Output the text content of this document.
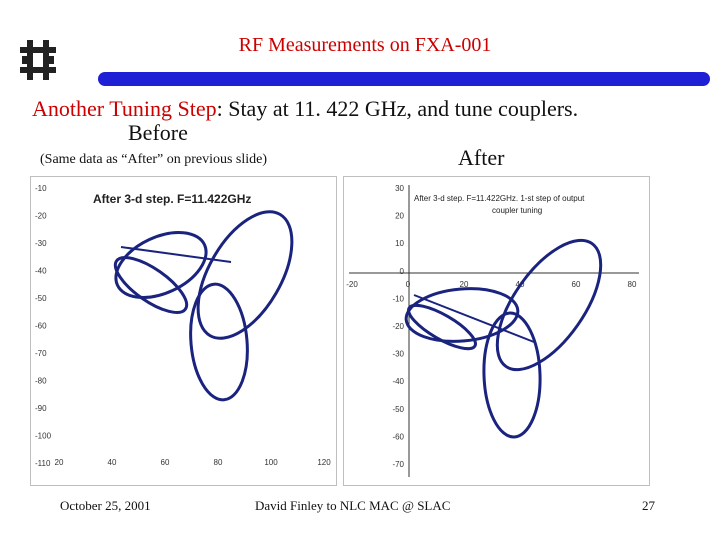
RF Measurements on FXA-001
Another Tuning Step: Stay at 11. 422 GHz, and tune couplers.
Before
(Same data as “After” on previous slide)	After
After 3-d step. F=11.422GHz
-10
-20
-30
-40
-50
-60
-70
-80
-90
-100
-110 20	40	60	80	100	120
After 3-d step. F=11.422GHz. 1-st step of output
coupler tuning
30
20
10
0
-10
-20
-30
-40
-50
-60
-70
-20	0	20	40	60	80
October 25, 2001	David Finley to NLC MAC @ SLAC	27
